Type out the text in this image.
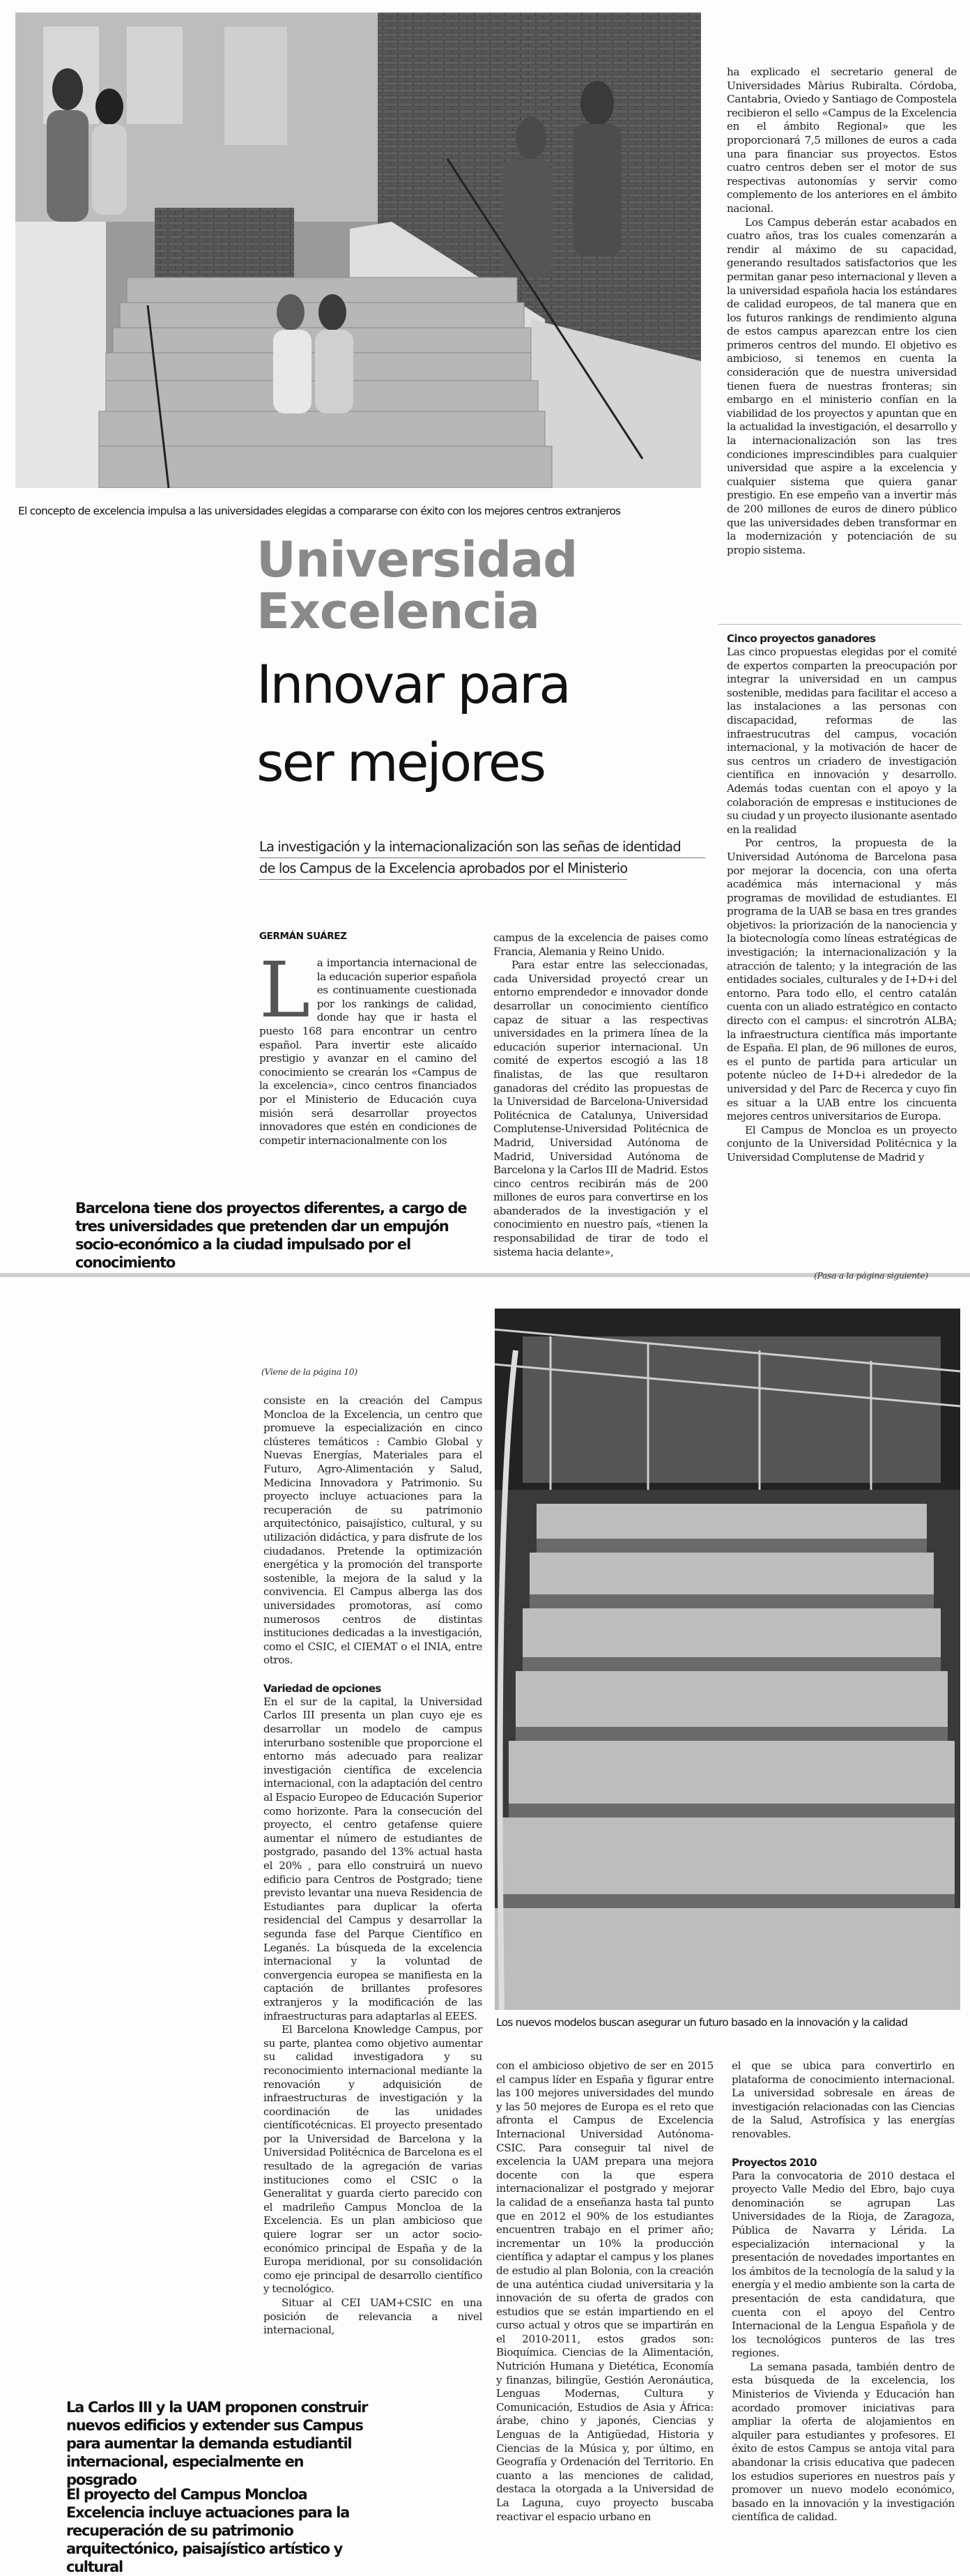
El concepto de excelencia impulsa a las universidades elegidas a compararse con éxito con los mejores centros extranjeros
Universidad
Excelencia
Innovar para
ser mejores
La investigación y la internacionalización son las señas de identidad
de los Campus de la Excelencia aprobados por el Ministerio
GERMÁN SUÁREZ
L a importancia internacional de la educación superior española es continuamente cuestionada por los rankings de calidad, donde hay que ir hasta el puesto 168 para encontrar un centro español. Para invertir este alicaído prestigio y avanzar en el camino del conocimiento se crearán los «Campus de la excelencia», cinco centros financiados por el Ministerio de Educación cuya misión será desarrollar proyectos innovadores que estén en condiciones de competir internacionalmente con los

campus de la excelencia de paises como Francia, Alemania y Reino Unido.

Para estar entre las seleccionadas, cada Universidad proyectó crear un entorno emprendedor e innovador donde desarrollar un conocimiento científico capaz de situar a las respectivas universidades en la primera línea de la educación superior internacional. Un comité de expertos escogió a las 18 finalistas, de las que resultaron ganadoras del crédito las propuestas de la Universidad de Barcelona-Universidad Politécnica de Catalunya, Universidad Complutense-Universidad Politécnica de Madrid, Universidad Autónoma de Madrid, Universidad Autónoma de Barcelona y la Carlos III de Madrid. Estos cinco centros recibirán más de 200 millones de euros para convertirse en los abanderados de la investigación y el conocimiento en nuestro país, «tienen la responsabilidad de tirar de todo el sistema hacia delante»,

Barcelona tiene dos proyectos diferentes, a cargo de tres universidades que pretenden dar un empujón socio-económico a la ciudad impulsado por el conocimiento

ha explicado el secretario general de Universidades Màrius Rubiralta. Córdoba, Cantabria, Oviedo y Santiago de Compostela recibieron el sello «Campus de la Excelencia en el ámbito Regional» que les proporcionará 7,5 millones de euros a cada una para financiar sus proyectos. Estos cuatro centros deben ser el motor de sus respectivas autonomías y servir como complemento de los anteriores en el ámbito nacional.

Los Campus deberán estar acabados en cuatro años, tras los cuales comenzarán a rendir al máximo de su capacidad, generando resultados satisfactorios que les permitan ganar peso internacional y lleven a la universidad española hacia los estándares de calidad europeos, de tal manera que en los futuros rankings de rendimiento alguna de estos campus aparezcan entre los cien primeros centros del mundo. El objetivo es ambicioso, si tenemos en cuenta la consideración que de nuestra universidad tienen fuera de nuestras fronteras; sin embargo en el ministerio confían en la viabilidad de los proyectos y apuntan que en la actualidad la investigación, el desarrollo y la internacionalización son las tres condiciones imprescindibles para cualquier universidad que aspire a la excelencia y cualquier sistema que quiera ganar prestigio. En ese empeño van a invertir más de 200 millones de euros de dinero público que las universidades deben transformar en la modernización y potenciación de su propio sistema.

Cinco proyectos ganadores

Las cinco propuestas elegidas por el comité de expertos comparten la preocupación por integrar la universidad en un campus sostenible, medidas para facilitar el acceso a las instalaciones a las personas con discapacidad, reformas de las infraestrucutras del campus, vocación internacional, y la motivación de hacer de sus centros un criadero de investigación científica en innovación y desarrollo. Además todas cuentan con el apoyo y la colaboración de empresas e instituciones de su ciudad y un proyecto ilusionante asentado en la realidad

Por centros, la propuesta de la Universidad Autónoma de Barcelona pasa por mejorar la docencia, con una oferta académica más internacional y más programas de movilidad de estudiantes. El programa de la UAB se basa en tres grandes objetivos: la priorización de la nanociencia y la biotecnología como líneas estratégicas de investigación; la internacionalización y la atracción de talento; y la integración de las entidades sociales, culturales y de I+D+i del entorno. Para todo ello, el centro catalán cuenta con un aliado estratégico en contacto directo con el campus: el sincrotrón ALBA; la infraestructura científica más importante de España. El plan, de 96 millones de euros, es el punto de partida para articular un potente núcleo de I+D+i alrededor de la universidad y del Parc de Recerca y cuyo fin es situar a la UAB entre los cincuenta mejores centros universitarios de Europa.

El Campus de Moncloa es un proyecto conjunto de la Universidad Politécnica y la Universidad Complutense de Madrid y

(Pasa a la página siguiente)
(Viene de la página 10)

consiste en la creación del Campus Moncloa de la Excelencia, un centro que promueve la especialización en cinco clústeres temáticos : Cambio Global y Nuevas Energías, Materiales para el Futuro, Agro-Alimentación y Salud, Medicina Innovadora y Patrimonio. Su proyecto incluye actuaciones para la recuperación de su patrimonio arquitectónico, paisajístico, cultural, y su utilización didáctica, y para disfrute de los ciudadanos. Pretende la optimización energética y la promoción del transporte sostenible, la mejora de la salud y la convivencia. El Campus alberga las dos universidades promotoras, así como numerosos centros de distintas instituciones dedicadas a la investigación, como el CSIC, el CIEMAT o el INIA, entre otros.

Variedad de opciones

En el sur de la capital, la Universidad Carlos III presenta un plan cuyo eje es desarrollar un modelo de campus interurbano sostenible que proporcione el entorno más adecuado para realizar investigación científica de excelencia internacional, con la adaptación del centro al Espacio Europeo de Educación Superior como horizonte. Para la consecución del proyecto, el centro getafense quiere aumentar el número de estudiantes de postgrado, pasando del 13% actual hasta el 20% , para ello construirá un nuevo edificio para Centros de Postgrado; tiene previsto levantar una nueva Residencia de Estudiantes para duplicar la oferta residencial del Campus y desarrollar la segunda fase del Parque Científico en Leganés. La búsqueda de la excelencia internacional y la voluntad de convergencia europea se manifiesta en la captación de brillantes profesores extranjeros y la modificación de las infraestructuras para adaptarlas al EEES.

El Barcelona Knowledge Campus, por su parte, plantea como objetivo aumentar su calidad investigadora y su reconocimiento internacional mediante la renovación y adquisición de infraestructuras de investigación y la coordinación de las unidades científicotécnicas. El proyecto presentado por la Universidad de Barcelona y la Universidad Politécnica de Barcelona es el resultado de la agregación de varias instituciones como el CSIC o la Generalitat y guarda cierto parecido con el madrileño Campus Moncloa de la Excelencia. Es un plan ambicioso que quiere lograr ser un actor socio-económico principal de España y de la Europa meridional, por su consolidación como eje principal de desarrollo científico y tecnológico.

Situar al CEI UAM+CSIC en una posición de relevancia a nivel internacional,

Los nuevos modelos buscan asegurar un futuro basado en la innovación y la calidad

con el ambicioso objetivo de ser en 2015 el campus líder en España y figurar entre las 100 mejores universidades del mundo y las 50 mejores de Europa es el reto que afronta el Campus de Excelencia Internacional Universidad Autónoma-CSIC. Para conseguir tal nivel de excelencia la UAM prepara una mejora docente con la que espera internacionalizar el postgrado y mejorar la calidad de a enseñanza hasta tal punto que en 2012 el 90% de los estudiantes encuentren trabajo en el primer año; incrementar un 10% la producción científica y adaptar el campus y los planes de estudio al plan Bolonia, con la creación de una auténtica ciudad universitaria y la innovación de su oferta de grados con estudios que se están impartiendo en el curso actual y otros que se impartirán en el 2010-2011, estos grados son: Bioquímica. Ciencias de la Alimentación, Nutrición Humana y Dietética, Economía y finanzas, bilingüe, Gestión Aeronáutica, Lenguas Modernas, Cultura y Comunicación, Estudios de Asia y África: árabe, chino y japonés, Ciencias y Lenguas de la Antigüedad, Historia y Ciencias de la Música y, por último, en Geografía y Ordenación del Territorio. En cuanto a las menciones de calidad, destaca la otorgada a la Universidad de La Laguna, cuyo proyecto buscaba reactivar el espacio urbano en

el que se ubica para convertirlo en plataforma de conocimiento internacional. La universidad sobresale en áreas de investigación relacionadas con las Ciencias de la Salud, Astrofísica y las energías renovables.

Proyectos 2010

Para la convocatoria de 2010 destaca el proyecto Valle Medio del Ebro, bajo cuya denominación se agrupan Las Universidades de la Rioja, de Zaragoza, Pública de Navarra y Lérida. La especialización internacional y la presentación de novedades importantes en los ámbitos de la tecnología de la salud y la energía y el medio ambiente son la carta de presentación de esta candidatura, que cuenta con el apoyo del Centro Internacional de la Lengua Española y de los tecnológicos punteros de las tres regiones.

La semana pasada, también dentro de esta búsqueda de la excelencia, los Ministerios de Vivienda y Educación han acordado promover iniciativas para ampliar la oferta de alojamientos en alquiler para estudiantes y profesores. El éxito de estos Campus se antoja vital para abandonar la crisis educativa que padecen los estudios superiores en nuestros país y promover un nuevo modelo económico, basado en la innovación y la investigación científica de calidad.

La Carlos III y la UAM proponen construir nuevos edificios y extender sus Campus para aumentar la demanda estudiantil internacional, especialmente en posgrado
El proyecto del Campus Moncloa Excelencia incluye actuaciones para la recuperación de su patrimonio arquitectónico, paisajístico artístico y cultural
